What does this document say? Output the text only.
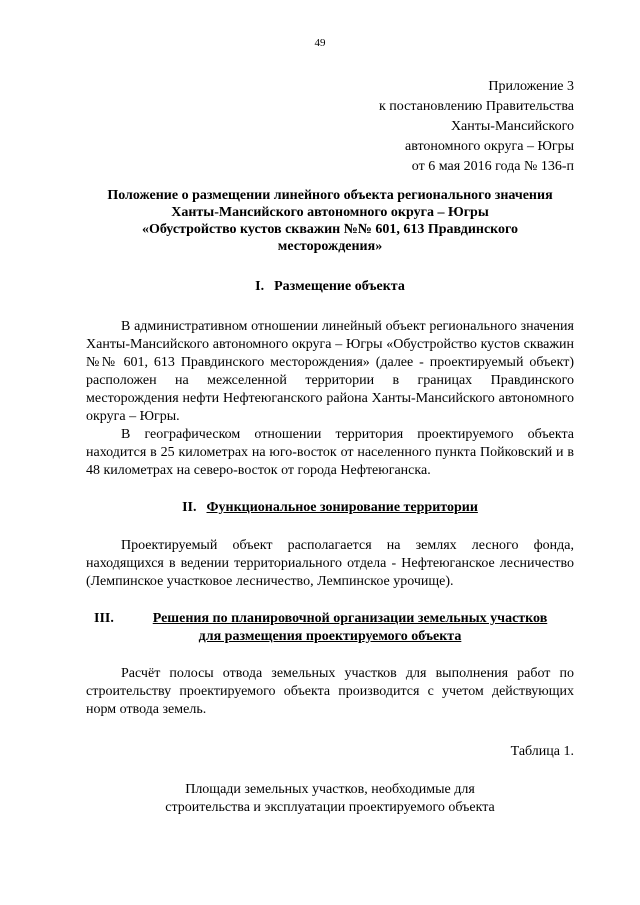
49
Приложение 3
к постановлению Правительства
Ханты-Мансийского
автономного округа – Югры
от 6 мая 2016 года № 136-п
Положение о размещении линейного объекта регионального значения
Ханты-Мансийского автономного округа – Югры
«Обустройство кустов скважин №№ 601, 613 Правдинского
месторождения»
I. Размещение объекта

В административном отношении линейный объект регионального значения Ханты-Мансийского автономного округа – Югры «Обустройство кустов скважин №№ 601, 613 Правдинского месторождения» (далее - проектируемый объект) расположен на межселенной территории в границах Правдинского месторождения нефти Нефтеюганского района Ханты-Мансийского автономного округа – Югры.

В географическом отношении территория проектируемого объекта находится в 25 километрах на юго-восток от населенного пункта Пойковский и в 48 километрах на северо-восток от города Нефтеюганска.

II. Функциональное зонирование территории

Проектируемый объект располагается на землях лесного фонда, находящихся в ведении территориального отдела - Нефтеюганское лесничество (Лемпинское участковое лесничество, Лемпинское урочище).

III.	Решения по планировочной организации земельных участков
для размещения проектируемого объекта

Расчёт полосы отвода земельных участков для выполнения работ по строительству проектируемого объекта производится с учетом действующих норм отвода земель.

Таблица 1.
Площади земельных участков, необходимые для
строительства и эксплуатации проектируемого объекта
